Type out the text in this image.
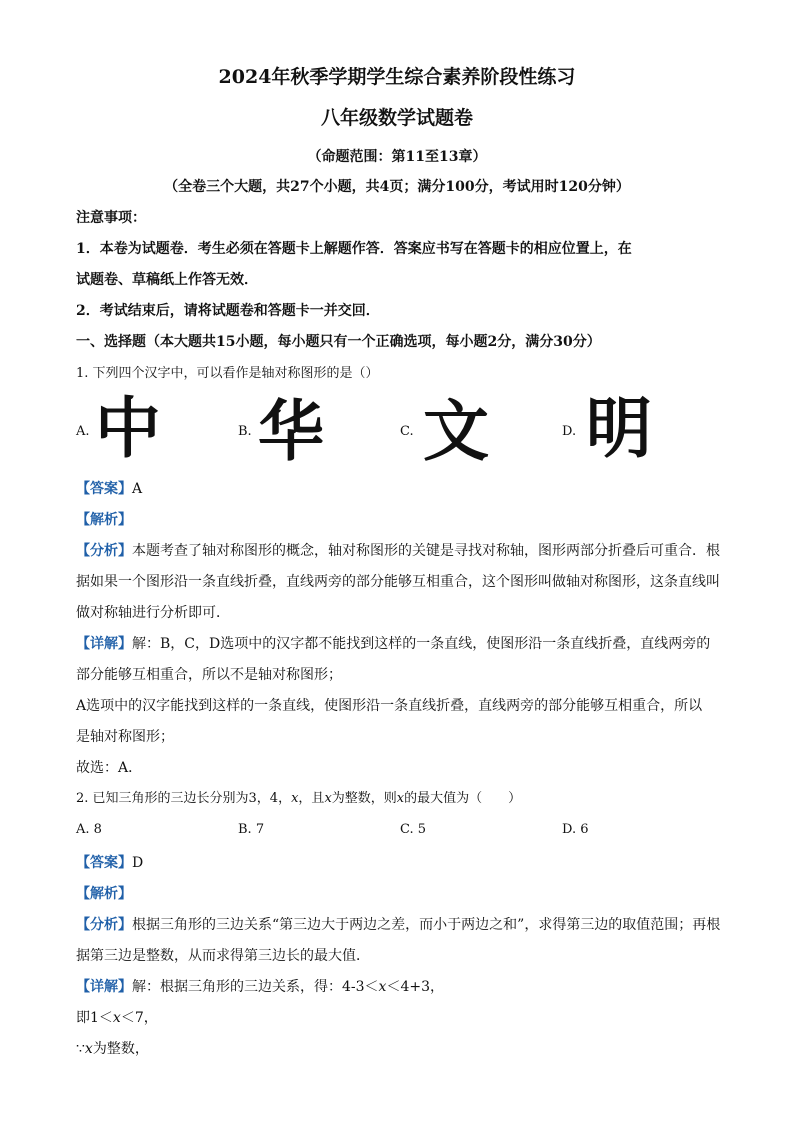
2024年秋季学期学生综合素养阶段性练习
八年级数学试题卷
（命题范围：第11至13章）
（全卷三个大题，共27个小题，共4页；满分100分，考试用时120分钟）
注意事项：
1．本卷为试题卷．考生必须在答题卡上解题作答．答案应书写在答题卡的相应位置上，在
试题卷、草稿纸上作答无效．
2．考试结束后，请将试题卷和答题卡一并交回．
一、选择题（本大题共15小题，每小题只有一个正确选项，每小题2分，满分30分）
1. 下列四个汉字中，可以看作是轴对称图形的是（）
A. 中	B. 华	C. 文	D. 明
【答案】A
【解析】
【分析】本题考查了轴对称图形的概念，轴对称图形的关键是寻找对称轴，图形两部分折叠后可重合．根
据如果一个图形沿一条直线折叠，直线两旁的部分能够互相重合，这个图形叫做轴对称图形，这条直线叫
做对称轴进行分析即可．
【详解】解：B，C，D选项中的汉字都不能找到这样的一条直线，使图形沿一条直线折叠，直线两旁的
部分能够互相重合，所以不是轴对称图形；
A选项中的汉字能找到这样的一条直线，使图形沿一条直线折叠，直线两旁的部分能够互相重合，所以
是轴对称图形；
故选：A．
2. 已知三角形的三边长分别为3，4，x，且x为整数，则x的最大值为（　　）
A. 8	B. 7	C. 5	D. 6
【答案】D
【解析】
【分析】根据三角形的三边关系“第三边大于两边之差，而小于两边之和”，求得第三边的取值范围；再根
据第三边是整数，从而求得第三边长的最大值．
【详解】解：根据三角形的三边关系，得：4-3＜x＜4+3，
即1＜x＜7，
∵x为整数，
